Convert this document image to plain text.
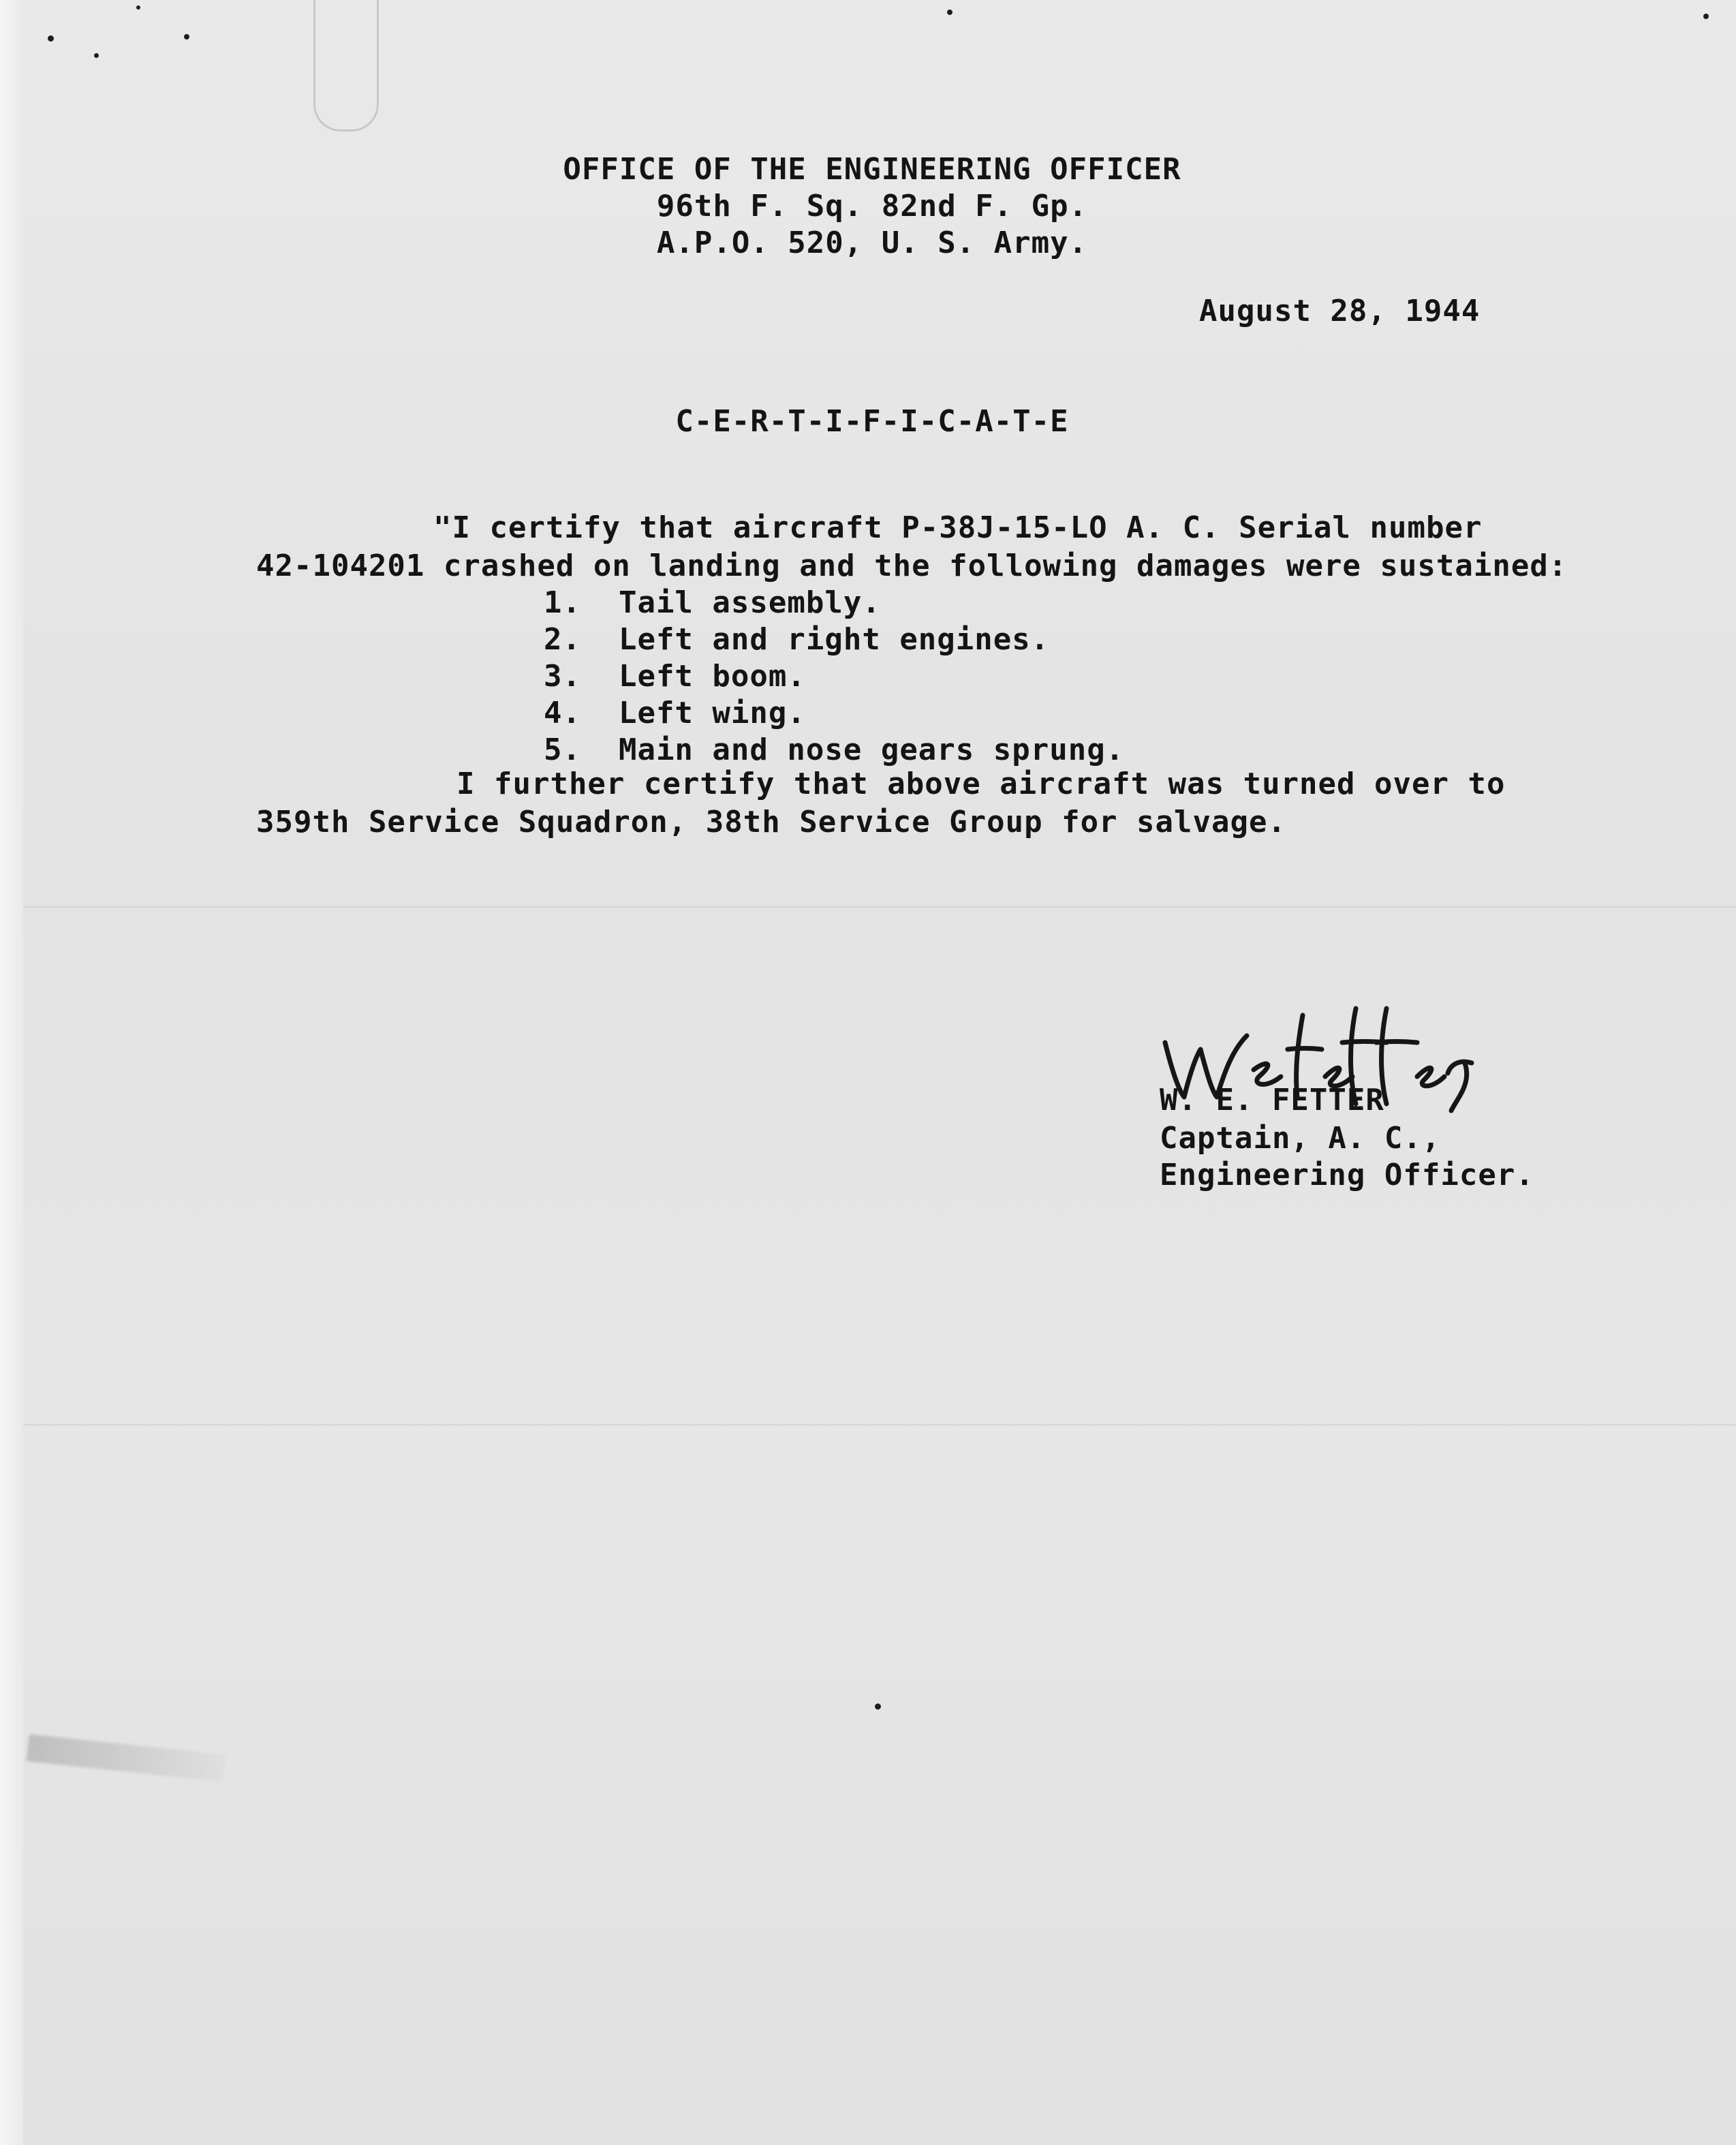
OFFICE OF THE ENGINEERING OFFICER
96th F. Sq. 82nd F. Gp.
A.P.O. 520, U. S. Army.
August 28, 1944
C-E-R-T-I-F-I-C-A-T-E
"I certify that aircraft P-38J-15-LO A. C. Serial number
42-104201 crashed on landing and the following damages were sustained:
1.  Tail assembly.
2.  Left and right engines.
3.  Left boom.
4.  Left wing.
5.  Main and nose gears sprung.
I further certify that above aircraft was turned over to
359th Service Squadron, 38th Service Group for salvage.
W. E. FETTER
Captain, A. C.,
Engineering Officer.
